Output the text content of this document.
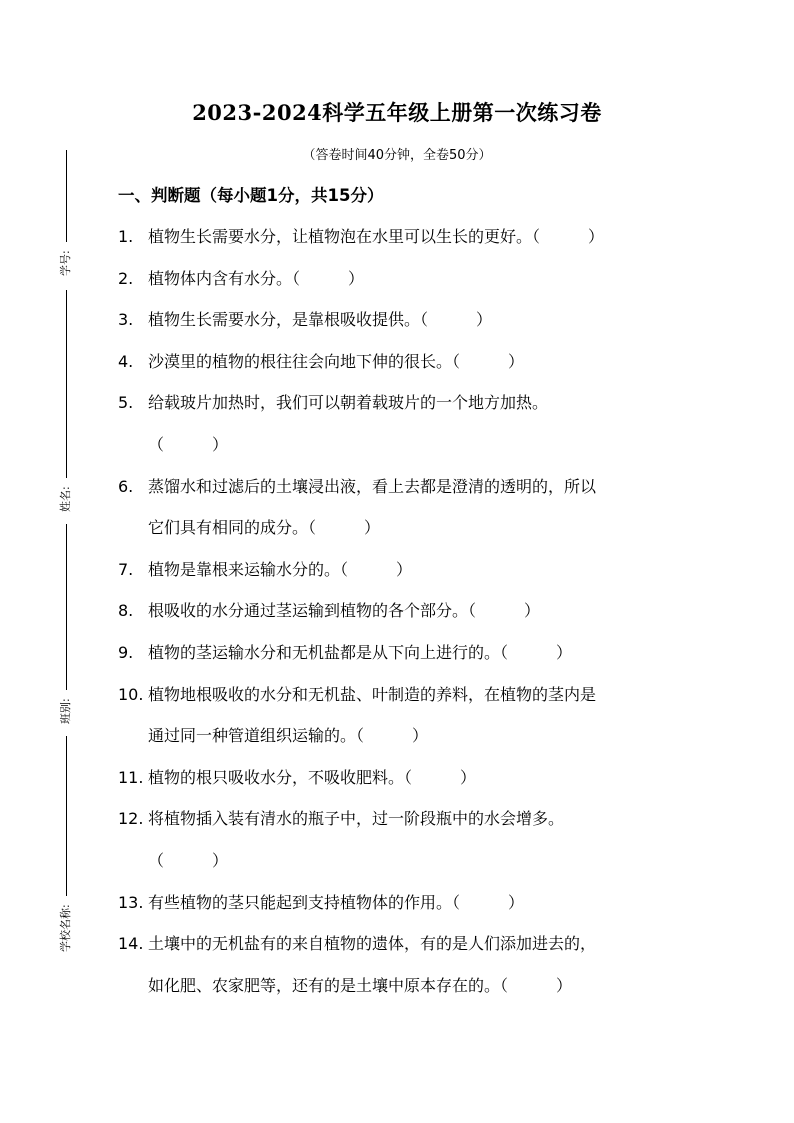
学号:
姓名:
班别:
学校名称:
2023-2024科学五年级上册第一次练习卷
（答卷时间40分钟，全卷50分）
一、判断题（每小题1分，共15分）
1. 植物生长需要水分，让植物泡在水里可以生长的更好。（　　　）
2. 植物体内含有水分。（　　　）
3. 植物生长需要水分，是靠根吸收提供。（　　　）
4. 沙漠里的植物的根往往会向地下伸的很长。（　　　）
5. 给载玻片加热时，我们可以朝着载玻片的一个地方加热。
（　　　）
6. 蒸馏水和过滤后的土壤浸出液，看上去都是澄清的透明的，所以
它们具有相同的成分。（　　　）
7. 植物是靠根来运输水分的。（　　　）
8. 根吸收的水分通过茎运输到植物的各个部分。（　　　）
9. 植物的茎运输水分和无机盐都是从下向上进行的。（　　　）
10. 植物地根吸收的水分和无机盐、叶制造的养料，在植物的茎内是
通过同一种管道组织运输的。（　　　）
11. 植物的根只吸收水分，不吸收肥料。（　　　）
12. 将植物插入装有清水的瓶子中，过一阶段瓶中的水会增多。
（　　　）
13. 有些植物的茎只能起到支持植物体的作用。（　　　）
14. 土壤中的无机盐有的来自植物的遗体，有的是人们添加进去的，
如化肥、农家肥等，还有的是土壤中原本存在的。（　　　）
